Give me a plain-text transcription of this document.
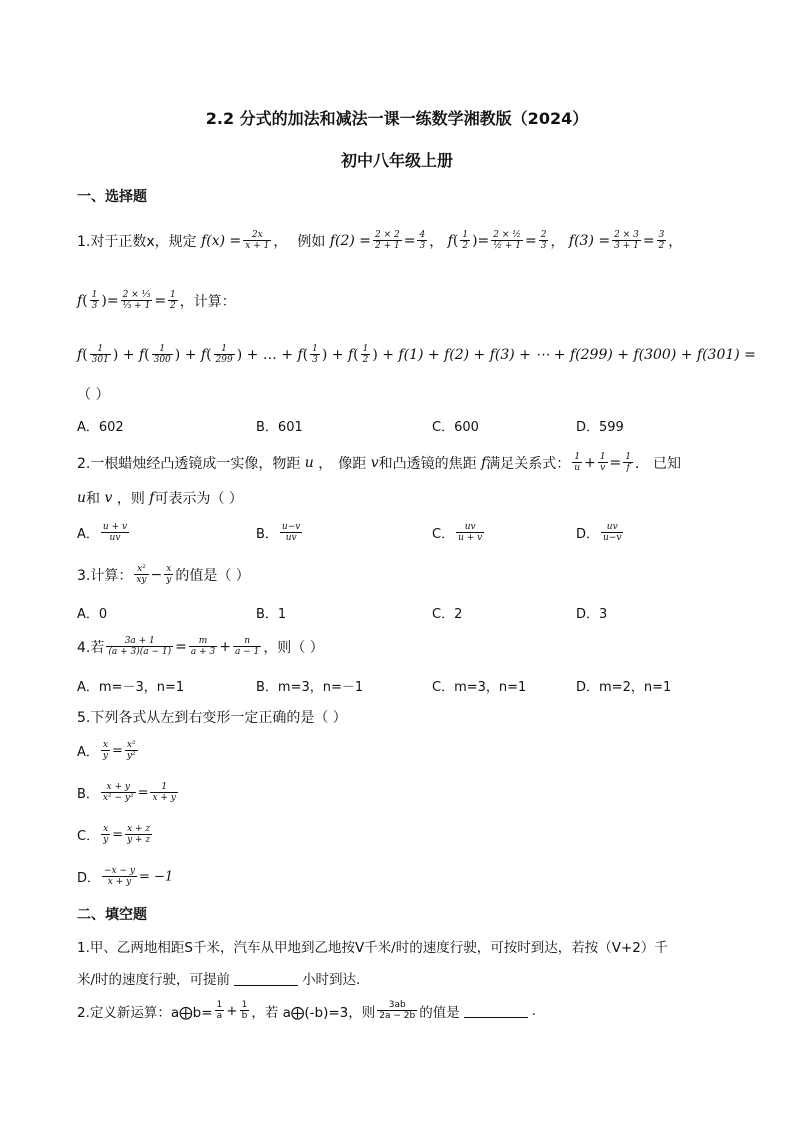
2.2 分式的加法和减法一课一练数学湘教版（2024）
初中八年级上册
一、选择题
1.对于正数x，规定 $f(x) = \frac{2x}{x + 1}$ ， 例如 $f(2) = \frac{2 \times 2}{2 + 1} = \frac{4}{3}$ ， $f( \frac{1}{2}$ )= $\frac{\text{2 × ½}}{\text{½ + 1}} = \frac{2}{3}$ ， $f(3) = \frac{2 \times 3}{3 + 1} = \frac{3}{2}$ ，
$f( \frac{1}{3}$ )= $\frac{\text{2 × ⅓}}{\text{⅓ + 1}} = \frac{1}{2}$ ，计算：
f ( $\frac{1}{301}$ ) + f ( $\frac{1}{300}$ ) + f ( $\frac{1}{299}$ ) + … + f ( $\frac{1}{3}$ ) + f ( $\frac{1}{2}$ ) + f(1) + f(2) + f(3) + ⋯ + f(299) + f(300) + f(301) =
（ ）
A．602	B．601	C．600	D．599
2.一根蜡烛经凸透镜成一实像，物距 u ， 像距 v 和凸透镜的焦距 f 满足关系式： $\frac{1}{u} + \frac{1}{v} = \frac{1}{f}$ ． 已知
u 和 v ，则 f 可表示为（ ）
A． $\frac{u + v}{uv}$	B． $\frac{u-v}{uv}$	C． $\frac{uv}{u + v}$	D． $\frac{uv}{u-v}$
3.计算： $\frac{\text{x²}}{xy} - \frac{x}{y}$ 的值是（ ）
A．0	B．1	C．2	D．3
4.若 $\frac{3a + 1}{(a + 3)(a - 1)} = \frac{m}{a + 3} + \frac{n}{a - 1}$ ，则（ ）
A．m=－3，n=1	B．m=3，n=－1	C．m=3，n=1	D．m=2，n=1
5.下列各式从左到右变形一定正确的是（ ）
A． $\frac{x}{y} = \frac{\text{x²}}{\text{y²}}$
B． $\frac{x + y}{\text{x² − y²}} = \frac{1}{x + y}$
C． $\frac{x}{y} = \frac{x + z}{y + z}$
D． $\frac{-x - y}{x + y} = -1$
二、填空题
1.甲、乙两地相距S千米，汽车从甲地到乙地按V千米/时的速度行驶，可按时到达，若按（V+2）千
米/时的速度行驶，可提前	小时到达．
2.定义新运算：a⨁b= $\frac{1}{a} + \frac{1}{b}$ ，若 a⨁(-b)=3，则 $\frac{3ab}{2a - 2b}$ 的值是	.
